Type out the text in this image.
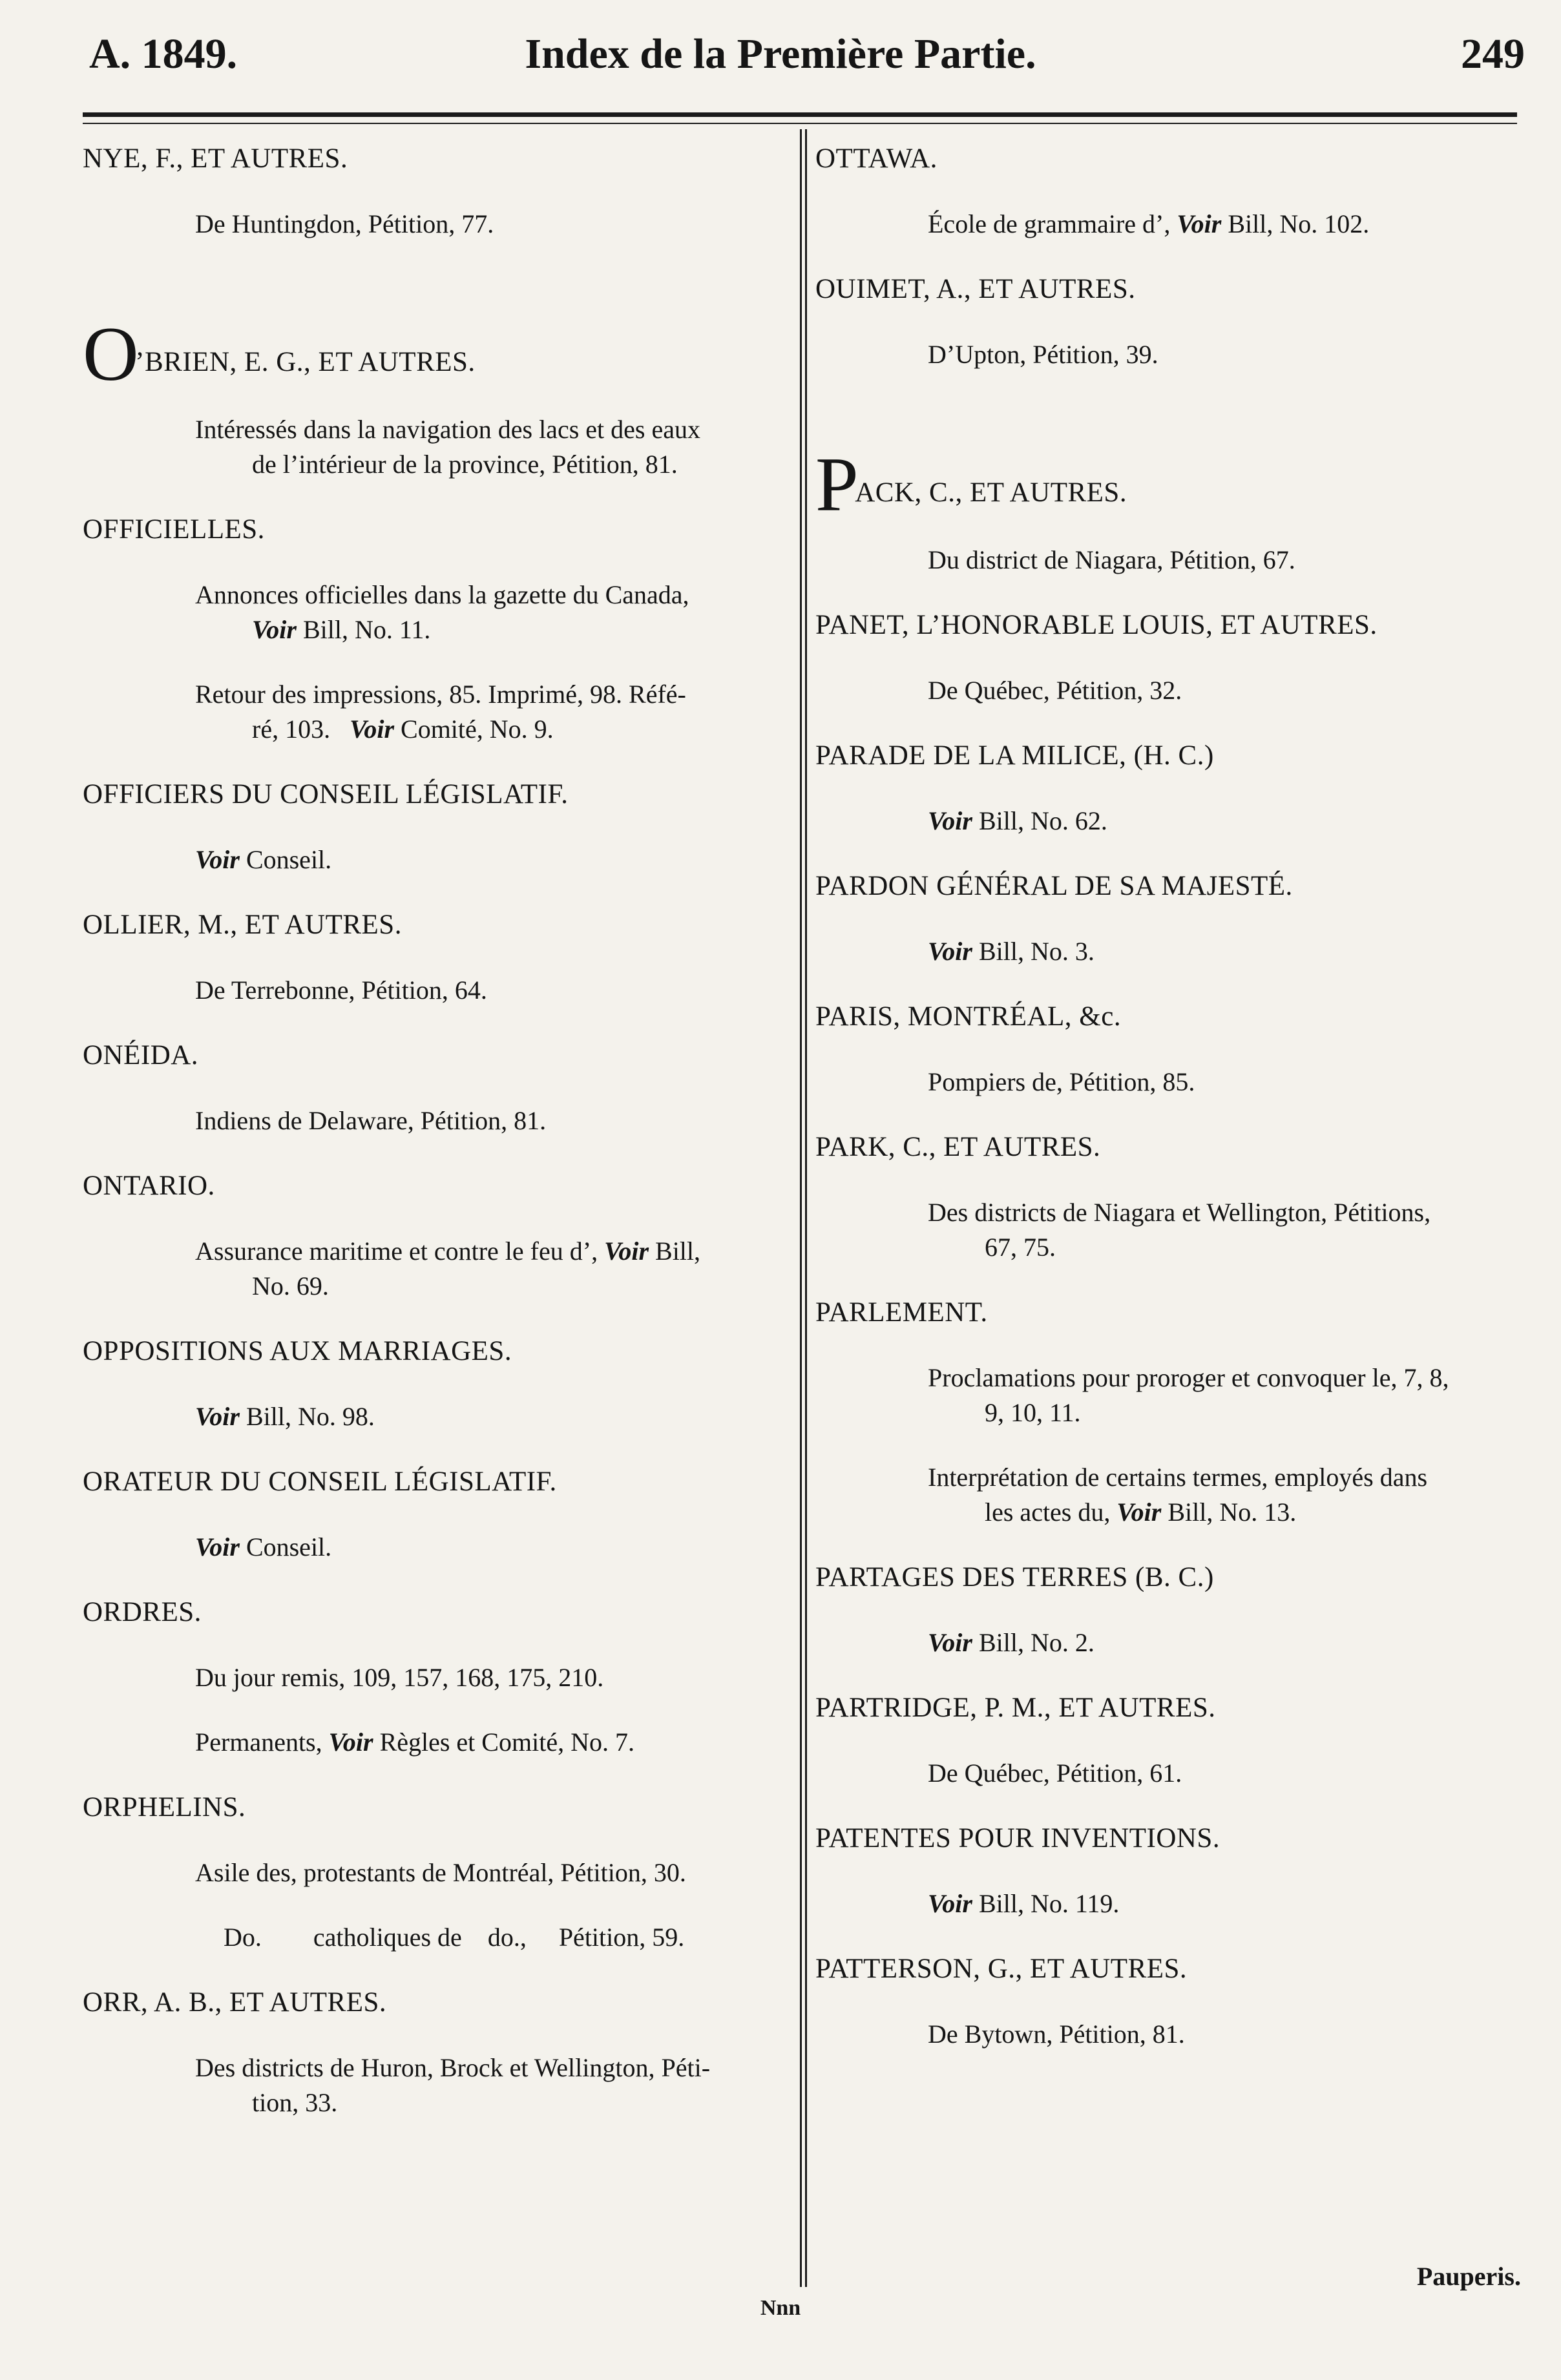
A. 1849.	Index de la Première Partie.	249
NYE, F., ET AUTRES.
De Huntingdon, Pétition, 77.
O’BRIEN, E. G., ET AUTRES.
Intéressés dans la navigation des lacs et des eaux
de l’intérieur de la province, Pétition, 81.
OFFICIELLES.
Annonces officielles dans la gazette du Canada,
Voir Bill, No. 11.
Retour des impressions, 85. Imprimé, 98. Réfé-
ré, 103. Voir Comité, No. 9.
OFFICIERS DU CONSEIL LÉGISLATIF.
Voir Conseil.
OLLIER, M., ET AUTRES.
De Terrebonne, Pétition, 64.
ONÉIDA.
Indiens de Delaware, Pétition, 81.
ONTARIO.
Assurance maritime et contre le feu d’, Voir Bill,
No. 69.
OPPOSITIONS AUX MARRIAGES.
Voir Bill, No. 98.
ORATEUR DU CONSEIL LÉGISLATIF.
Voir Conseil.
ORDRES.
Du jour remis, 109, 157, 168, 175, 210.
Permanents, Voir Règles et Comité, No. 7.
ORPHELINS.
Asile des, protestants de Montréal, Pétition, 30.
Do. catholiques de do., Pétition, 59.
ORR, A. B., ET AUTRES.
Des districts de Huron, Brock et Wellington, Péti-
tion, 33.
OTTAWA.
École de grammaire d’, Voir Bill, No. 102.
OUIMET, A., ET AUTRES.
D’Upton, Pétition, 39.
PACK, C., ET AUTRES.
Du district de Niagara, Pétition, 67.
PANET, L’HONORABLE LOUIS, ET AUTRES.
De Québec, Pétition, 32.
PARADE DE LA MILICE, (H. C.)
Voir Bill, No. 62.
PARDON GÉNÉRAL DE SA MAJESTÉ.
Voir Bill, No. 3.
PARIS, MONTRÉAL, &c.
Pompiers de, Pétition, 85.
PARK, C., ET AUTRES.
Des districts de Niagara et Wellington, Pétitions,
67, 75.
PARLEMENT.
Proclamations pour proroger et convoquer le, 7, 8,
9, 10, 11.
Interprétation de certains termes, employés dans
les actes du, Voir Bill, No. 13.
PARTAGES DES TERRES (B. C.)
Voir Bill, No. 2.
PARTRIDGE, P. M., ET AUTRES.
De Québec, Pétition, 61.
PATENTES POUR INVENTIONS.
Voir Bill, No. 119.
PATTERSON, G., ET AUTRES.
De Bytown, Pétition, 81.
Pauperis.
Nnn
